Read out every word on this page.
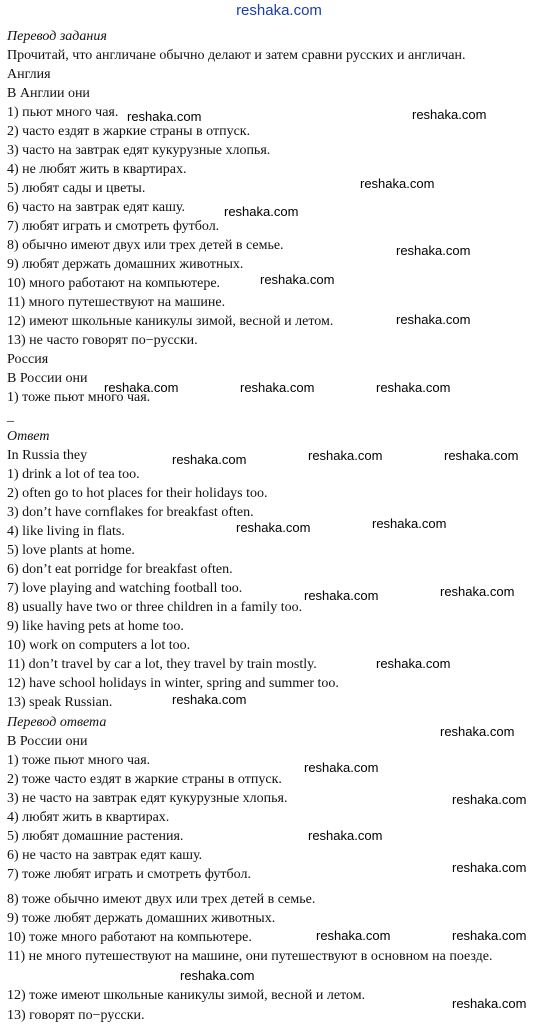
reshaka.com
Перевод задания
Прочитай, что англичане обычно делают и затем сравни русских и англичан.
Англия
В Англии они
1) пьют много чая.
2) часто ездят в жаркие страны в отпуск.
3) часто на завтрак едят кукурузные хлопья.
4) не любят жить в квартирах.
5) любят сады и цветы.
6) часто на завтрак едят кашу.
7) любят играть и смотреть футбол.
8) обычно имеют двух или трех детей в семье.
9) любят держать домашних животных.
10) много работают на компьютере.
11) много путешествуют на машине.
12) имеют школьные каникулы зимой, весной и летом.
13) не часто говорят по−русски.
Россия
В России они
1) тоже пьют много чая.
_
Ответ
In Russia they
1) drink a lot of tea too.
2) often go to hot places for their holidays too.
3) don’t have cornflakes for breakfast often.
4) like living in flats.
5) love plants at home.
6) don’t eat porridge for breakfast often.
7) love playing and watching football too.
8) usually have two or three children in a family too.
9) like having pets at home too.
10) work on computers a lot too.
11) don’t travel by car a lot, they travel by train mostly.
12) have school holidays in winter, spring and summer too.
13) speak Russian.
Перевод ответа
В России они
1) тоже пьют много чая.
2) тоже часто ездят в жаркие страны в отпуск.
3) не часто на завтрак едят кукурузные хлопья.
4) любят жить в квартирах.
5) любят домашние растения.
6) не часто на завтрак едят кашу.
7) тоже любят играть и смотреть футбол.
8) тоже обычно имеют двух или трех детей в семье.
9) тоже любят держать домашних животных.
10) тоже много работают на компьютере.
11) не много путешествуют на машине, они путешествуют в основном на поезде.
12) тоже имеют школьные каникулы зимой, весной и летом.
13) говорят по−русски.
reshaka.com	reshaka.com
reshaka.com
reshaka.com
reshaka.com
reshaka.com
reshaka.com
reshaka.com	reshaka.com	reshaka.com
reshaka.com	reshaka.com	reshaka.com
reshaka.com	reshaka.com
reshaka.com	reshaka.com
reshaka.com
reshaka.com
reshaka.com
reshaka.com
reshaka.com
reshaka.com
reshaka.com
reshaka.com	reshaka.com
reshaka.com
reshaka.com
